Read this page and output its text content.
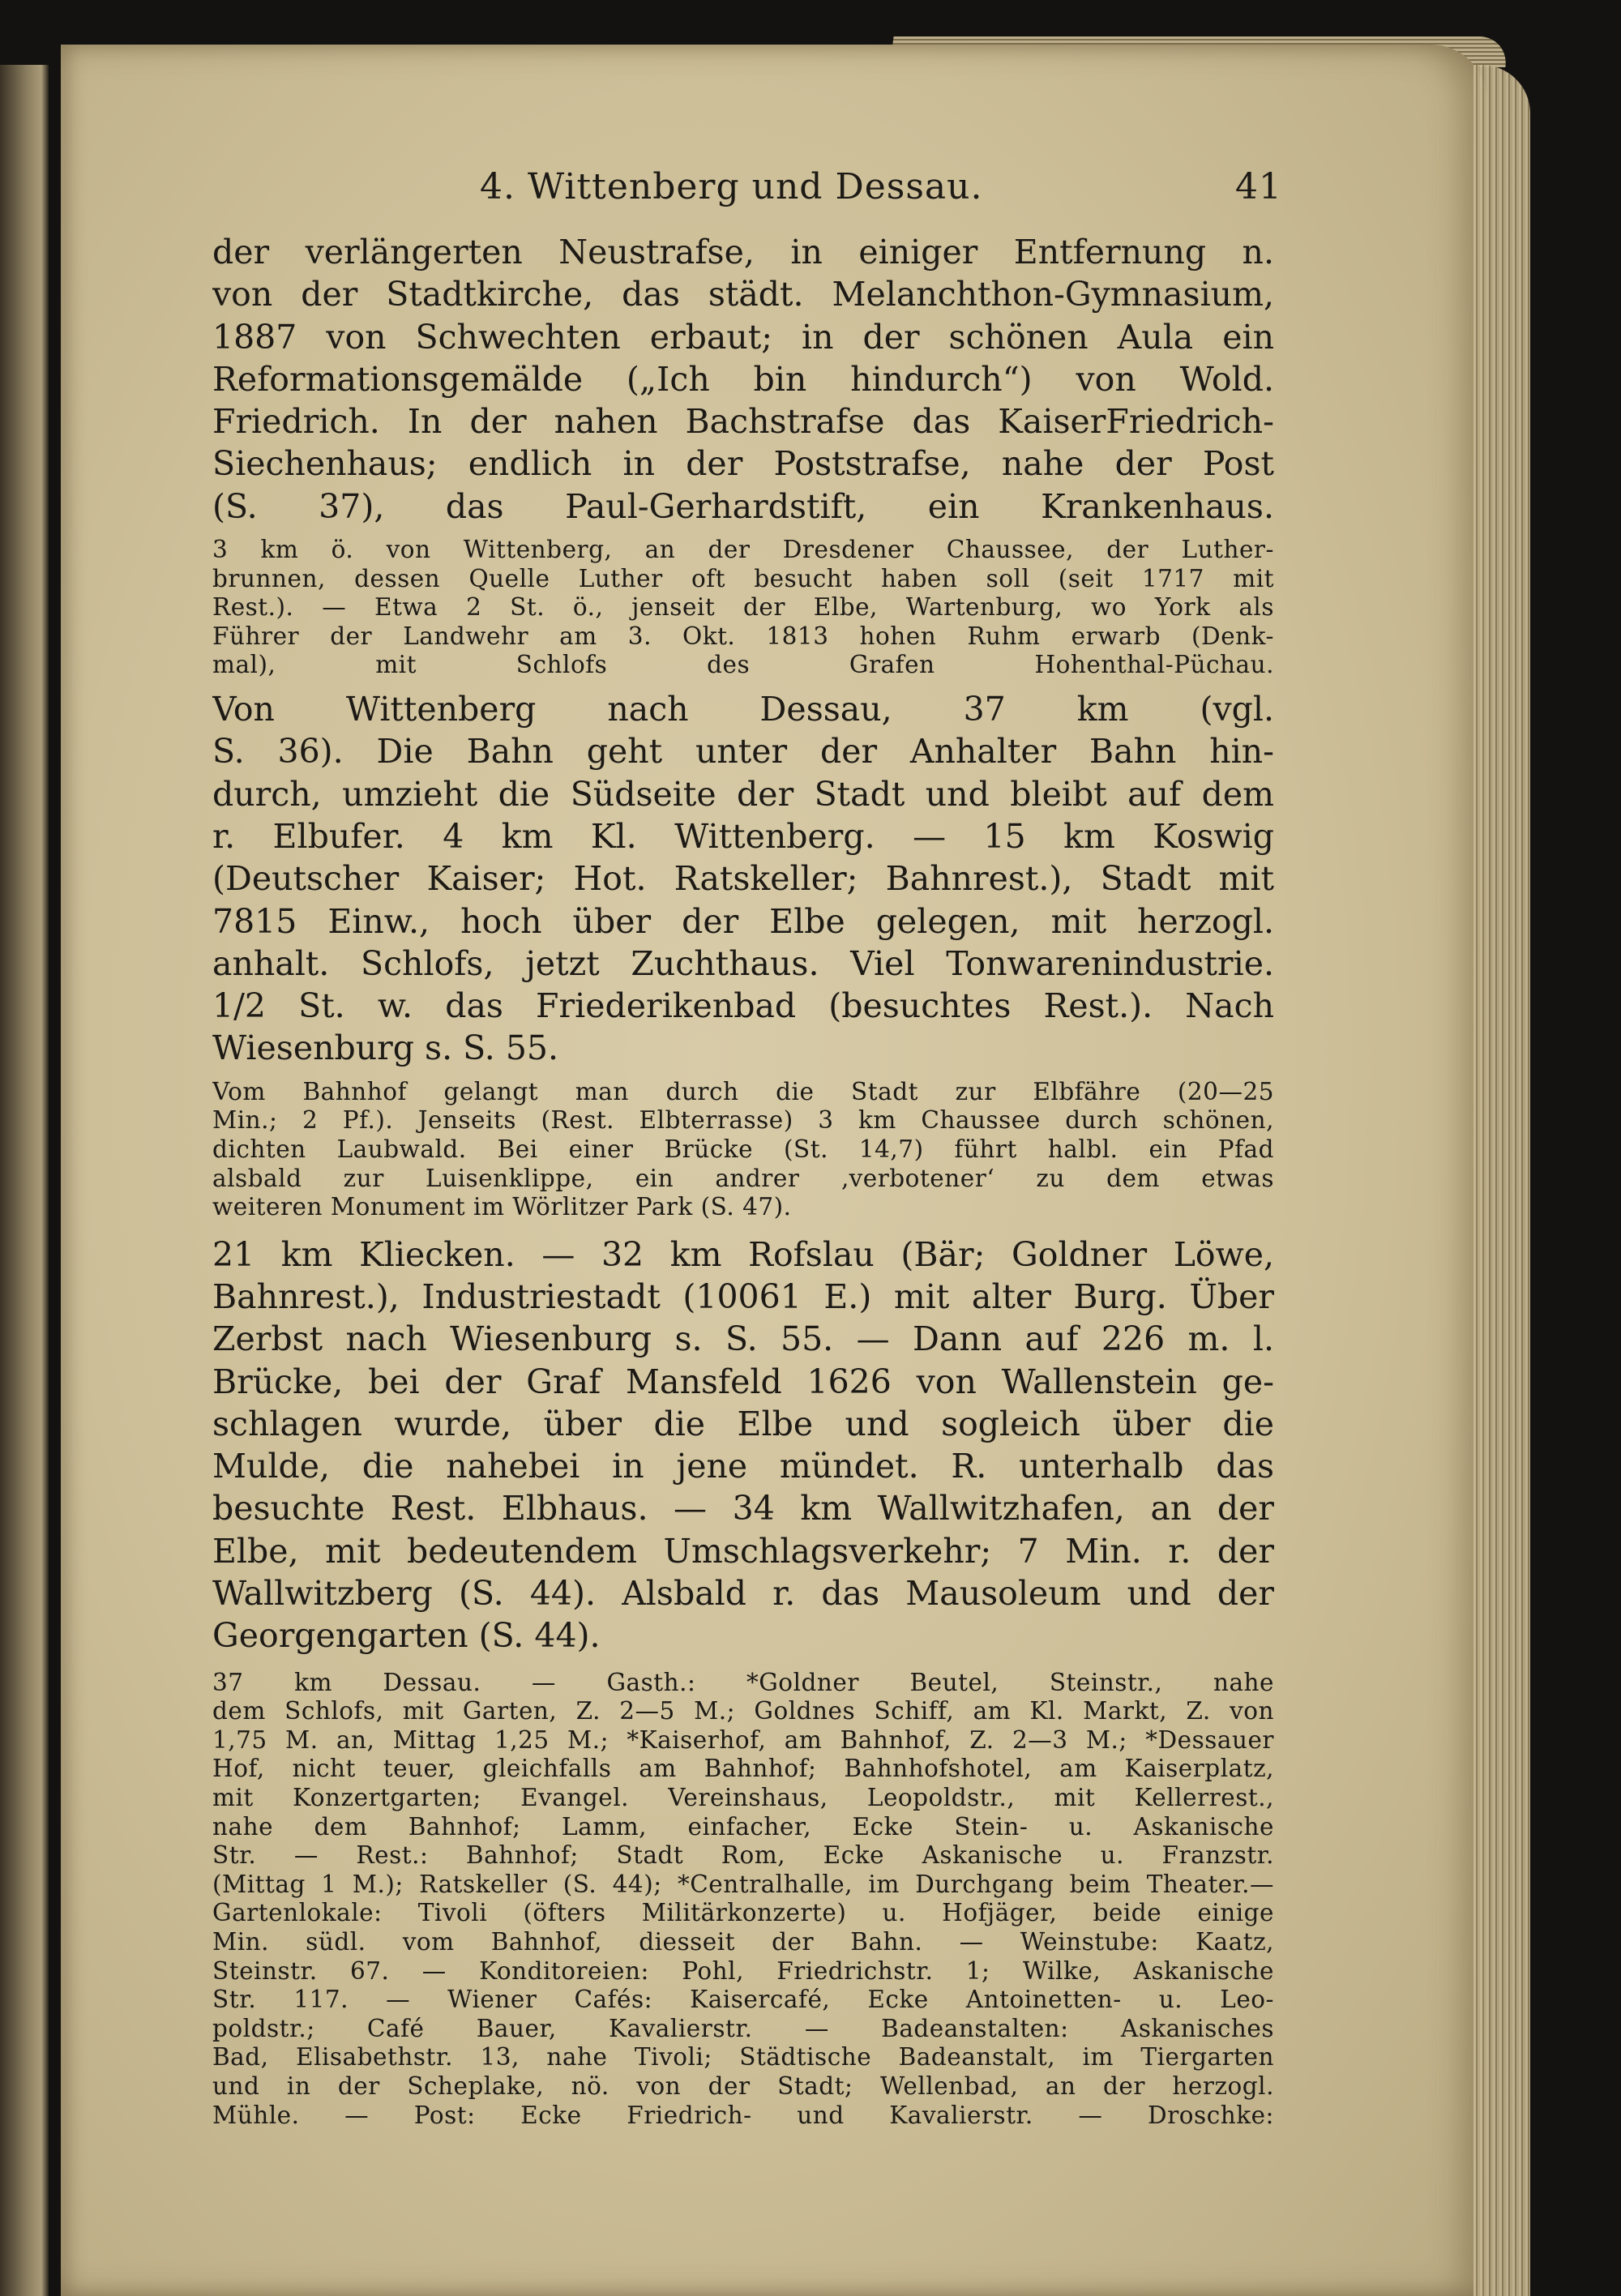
4. Wittenberg und Dessau.	41

der verlängerten Neustrafse, in einiger Entfernung n.
von der Stadtkirche, das städt. Melanchthon-Gymnasium,
1887 von Schwechten erbaut; in der schönen Aula ein
Reformationsgemälde („Ich bin hindurch“) von Wold.
Friedrich. In der nahen Bachstrafse das KaiserFriedrich-
Siechenhaus; endlich in der Poststrafse, nahe der Post
(S. 37), das Paul-Gerhardstift, ein Krankenhaus.

3 km ö. von Wittenberg, an der Dresdener Chaussee, der Luther-
brunnen, dessen Quelle Luther oft besucht haben soll (seit 1717 mit
Rest.). — Etwa 2 St. ö., jenseit der Elbe, Wartenburg, wo York als
Führer der Landwehr am 3. Okt. 1813 hohen Ruhm erwarb (Denk-
mal), mit Schlofs des Grafen Hohenthal-Püchau.

Von Wittenberg nach Dessau, 37 km (vgl.
S. 36). Die Bahn geht unter der Anhalter Bahn hin-
durch, umzieht die Südseite der Stadt und bleibt auf dem
r. Elbufer. 4 km Kl. Wittenberg. — 15 km Koswig
(Deutscher Kaiser; Hot. Ratskeller; Bahnrest.), Stadt mit
7815 Einw., hoch über der Elbe gelegen, mit herzogl.
anhalt. Schlofs, jetzt Zuchthaus. Viel Tonwarenindustrie.
1/2 St. w. das Friederikenbad (besuchtes Rest.). Nach
Wiesenburg s. S. 55.

Vom Bahnhof gelangt man durch die Stadt zur Elbfähre (20—25
Min.; 2 Pf.). Jenseits (Rest. Elbterrasse) 3 km Chaussee durch schönen,
dichten Laubwald. Bei einer Brücke (St. 14,7) führt halbl. ein Pfad
alsbald zur Luisenklippe, ein andrer ‚verbotener‘ zu dem etwas
weiteren Monument im Wörlitzer Park (S. 47).

21 km Kliecken. — 32 km Rofslau (Bär; Goldner Löwe,
Bahnrest.), Industriestadt (10061 E.) mit alter Burg. Über
Zerbst nach Wiesenburg s. S. 55. — Dann auf 226 m. l.
Brücke, bei der Graf Mansfeld 1626 von Wallenstein ge-
schlagen wurde, über die Elbe und sogleich über die
Mulde, die nahebei in jene mündet. R. unterhalb das
besuchte Rest. Elbhaus. — 34 km Wallwitzhafen, an der
Elbe, mit bedeutendem Umschlagsverkehr; 7 Min. r. der
Wallwitzberg (S. 44). Alsbald r. das Mausoleum und der
Georgengarten (S. 44).

37 km Dessau. — Gasth.: *Goldner Beutel, Steinstr., nahe
dem Schlofs, mit Garten, Z. 2—5 M.; Goldnes Schiff, am Kl. Markt, Z. von
1,75 M. an, Mittag 1,25 M.; *Kaiserhof, am Bahnhof, Z. 2—3 M.; *Dessauer
Hof, nicht teuer, gleichfalls am Bahnhof; Bahnhofshotel, am Kaiserplatz,
mit Konzertgarten; Evangel. Vereinshaus, Leopoldstr., mit Kellerrest.,
nahe dem Bahnhof; Lamm, einfacher, Ecke Stein- u. Askanische
Str. — Rest.: Bahnhof; Stadt Rom, Ecke Askanische u. Franzstr.
(Mittag 1 M.); Ratskeller (S. 44); *Centralhalle, im Durchgang beim Theater.—
Gartenlokale: Tivoli (öfters Militärkonzerte) u. Hofjäger, beide einige
Min. südl. vom Bahnhof, diesseit der Bahn. — Weinstube: Kaatz,
Steinstr. 67. — Konditoreien: Pohl, Friedrichstr. 1; Wilke, Askanische
Str. 117. — Wiener Cafés: Kaisercafé, Ecke Antoinetten- u. Leo-
poldstr.; Café Bauer, Kavalierstr. — Badeanstalten: Askanisches
Bad, Elisabethstr. 13, nahe Tivoli; Städtische Badeanstalt, im Tiergarten
und in der Scheplake, nö. von der Stadt; Wellenbad, an der herzogl.
Mühle. — Post: Ecke Friedrich- und Kavalierstr. — Droschke:
